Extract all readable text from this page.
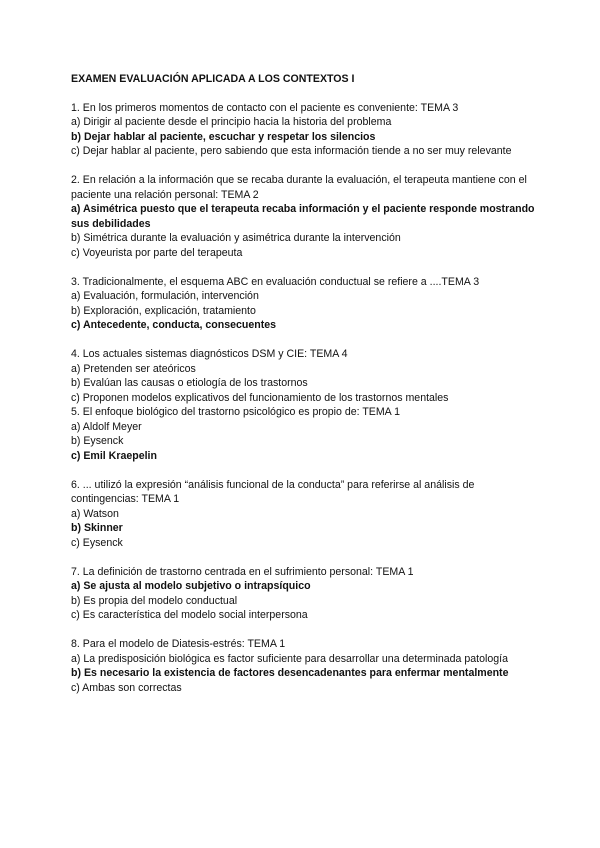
EXAMEN EVALUACIÓN APLICADA A LOS CONTEXTOS I
1. En los primeros momentos de contacto con el paciente es conveniente: TEMA 3
a) Dirigir al paciente desde el principio hacia la historia del problema
b) Dejar hablar al paciente, escuchar y respetar los silencios
c) Dejar hablar al paciente, pero sabiendo que esta información tiende a no ser muy relevante
2. En relación a la información que se recaba durante la evaluación, el terapeuta mantiene con el paciente una relación personal: TEMA 2
a) Asimétrica puesto que el terapeuta recaba información y el paciente responde mostrando sus debilidades
b) Simétrica durante la evaluación y asimétrica durante la intervención
c) Voyeurista por parte del terapeuta
3. Tradicionalmente, el esquema ABC en evaluación conductual se refiere a ....TEMA 3
a) Evaluación, formulación, intervención
b) Exploración, explicación, tratamiento
c) Antecedente, conducta, consecuentes
4. Los actuales sistemas diagnósticos DSM y CIE: TEMA 4
a) Pretenden ser ateóricos
b) Evalúan las causas o etiología de los trastornos
c) Proponen modelos explicativos del funcionamiento de los trastornos mentales
5. El enfoque biológico del trastorno psicológico es propio de: TEMA 1
a) Aldolf Meyer
b) Eysenck
c) Emil Kraepelin
6. ... utilizó la expresión “análisis funcional de la conducta” para referirse al análisis de contingencias: TEMA 1
a) Watson
b) Skinner
c) Eysenck
7. La definición de trastorno centrada en el sufrimiento personal: TEMA 1
a) Se ajusta al modelo subjetivo o intrapsíquico
b) Es propia del modelo conductual
c) Es característica del modelo social interpersona
8. Para el modelo de Diatesis-estrés: TEMA 1
a) La predisposición biológica es factor suficiente para desarrollar una determinada patología
b) Es necesario la existencia de factores desencadenantes para enfermar mentalmente
c) Ambas son correctas
